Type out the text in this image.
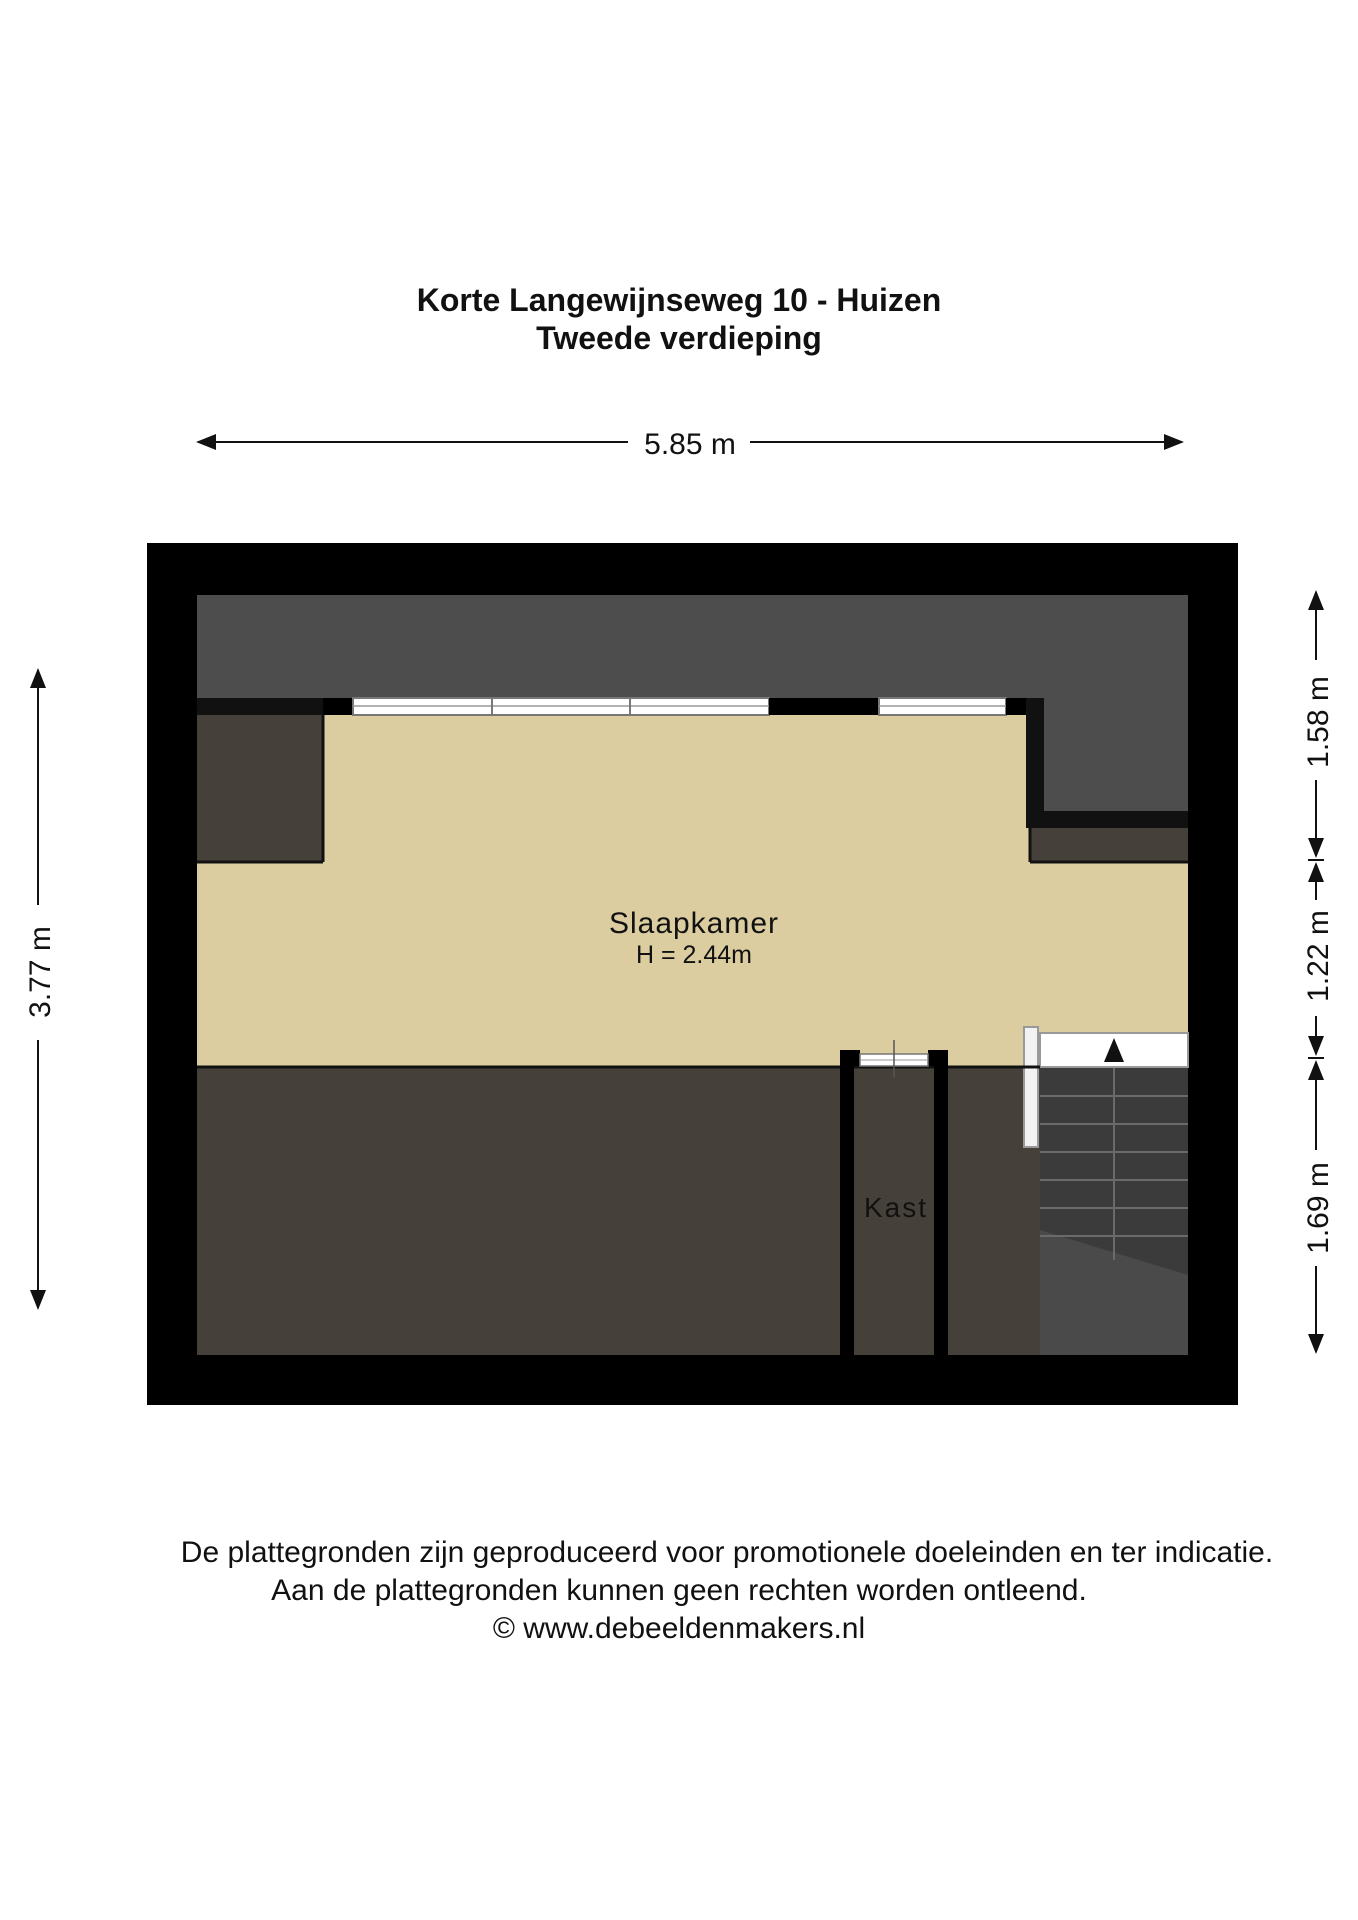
Korte Langewijnseweg 10 - Huizen
Tweede verdieping
5.85 m
3.77 m
1.58 m
1.22 m
1.69 m
Slaapkamer
H = 2.44m
Kast
De plattegronden zijn geproduceerd voor promotionele doeleinden en ter indicatie.
Aan de plattegronden kunnen geen rechten worden ontleend.
© www.debeeldenmakers.nl
